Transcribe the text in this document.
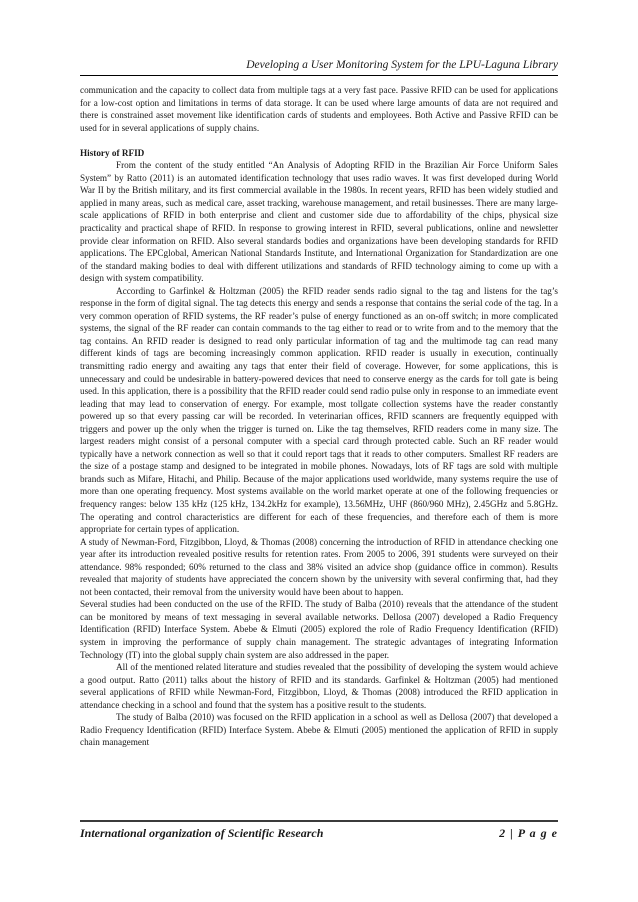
Developing a User Monitoring System for the LPU-Laguna Library

communication and the capacity to collect data from multiple tags at a very fast pace. Passive RFID can be used for applications for a low-cost option and limitations in terms of data storage. It can be used where large amounts of data are not required and there is constrained asset movement like identification cards of students and employees. Both Active and Passive RFID can be used for in several applications of supply chains.

History of RFID

From the content of the study entitled “An Analysis of Adopting RFID in the Brazilian Air Force Uniform Sales System” by Ratto (2011) is an automated identification technology that uses radio waves. It was first developed during World War II by the British military, and its first commercial available in the 1980s. In recent years, RFID has been widely studied and applied in many areas, such as medical care, asset tracking, warehouse management, and retail businesses. There are many large-scale applications of RFID in both enterprise and client and customer side due to affordability of the chips, physical size practicality and practical shape of RFID. In response to growing interest in RFID, several publications, online and newsletter provide clear information on RFID. Also several standards bodies and organizations have been developing standards for RFID applications. The EPCglobal, American National Standards Institute, and International Organization for Standardization are one of the standard making bodies to deal with different utilizations and standards of RFID technology aiming to come up with a design with system compatibility.

According to Garfinkel & Holtzman (2005) the RFID reader sends radio signal to the tag and listens for the tag’s response in the form of digital signal. The tag detects this energy and sends a response that contains the serial code of the tag. In a very common operation of RFID systems, the RF reader’s pulse of energy functioned as an on-off switch; in more complicated systems, the signal of the RF reader can contain commands to the tag either to read or to write from and to the memory that the tag contains. An RFID reader is designed to read only particular information of tag and the multimode tag can read many different kinds of tags are becoming increasingly common application. RFID reader is usually in execution, continually transmitting radio energy and awaiting any tags that enter their field of coverage. However, for some applications, this is unnecessary and could be undesirable in battery-powered devices that need to conserve energy as the cards for toll gate is being used. In this application, there is a possibility that the RFID reader could send radio pulse only in response to an immediate event leading that may lead to conservation of energy. For example, most tollgate collection systems have the reader constantly powered up so that every passing car will be recorded. In veterinarian offices, RFID scanners are frequently equipped with triggers and power up the only when the trigger is turned on. Like the tag themselves, RFID readers come in many size. The largest readers might consist of a personal computer with a special card through protected cable. Such an RF reader would typically have a network connection as well so that it could report tags that it reads to other computers. Smallest RF readers are the size of a postage stamp and designed to be integrated in mobile phones. Nowadays, lots of RF tags are sold with multiple brands such as Mifare, Hitachi, and Philip. Because of the major applications used worldwide, many systems require the use of more than one operating frequency. Most systems available on the world market operate at one of the following frequencies or frequency ranges: below 135 kHz (125 kHz, 134.2kHz for example), 13.56MHz, UHF (860/960 MHz), 2.45GHz and 5.8GHz. The operating and control characteristics are different for each of these frequencies, and therefore each of them is more appropriate for certain types of application.

A study of Newman-Ford, Fitzgibbon, Lloyd, & Thomas (2008) concerning the introduction of RFID in attendance checking one year after its introduction revealed positive results for retention rates. From 2005 to 2006, 391 students were surveyed on their attendance. 98% responded; 60% returned to the class and 38% visited an advice shop (guidance office in common). Results revealed that majority of students have appreciated the concern shown by the university with several confirming that, had they not been contacted, their removal from the university would have been about to happen.

Several studies had been conducted on the use of the RFID. The study of Balba (2010) reveals that the attendance of the student can be monitored by means of text messaging in several available networks. Dellosa (2007) developed a Radio Frequency Identification (RFID) Interface System. Abebe & Elmuti (2005) explored the role of Radio Frequency Identification (RFID) system in improving the performance of supply chain management. The strategic advantages of integrating Information Technology (IT) into the global supply chain system are also addressed in the paper.

All of the mentioned related literature and studies revealed that the possibility of developing the system would achieve a good output. Ratto (2011) talks about the history of RFID and its standards. Garfinkel & Holtzman (2005) had mentioned several applications of RFID while Newman-Ford, Fitzgibbon, Lloyd, & Thomas (2008) introduced the RFID application in attendance checking in a school and found that the system has a positive result to the students.

The study of Balba (2010) was focused on the RFID application in a school as well as Dellosa (2007) that developed a Radio Frequency Identification (RFID) Interface System. Abebe & Elmuti (2005) mentioned the application of RFID in supply chain management

International organization of Scientific Research	2 | P a g e
